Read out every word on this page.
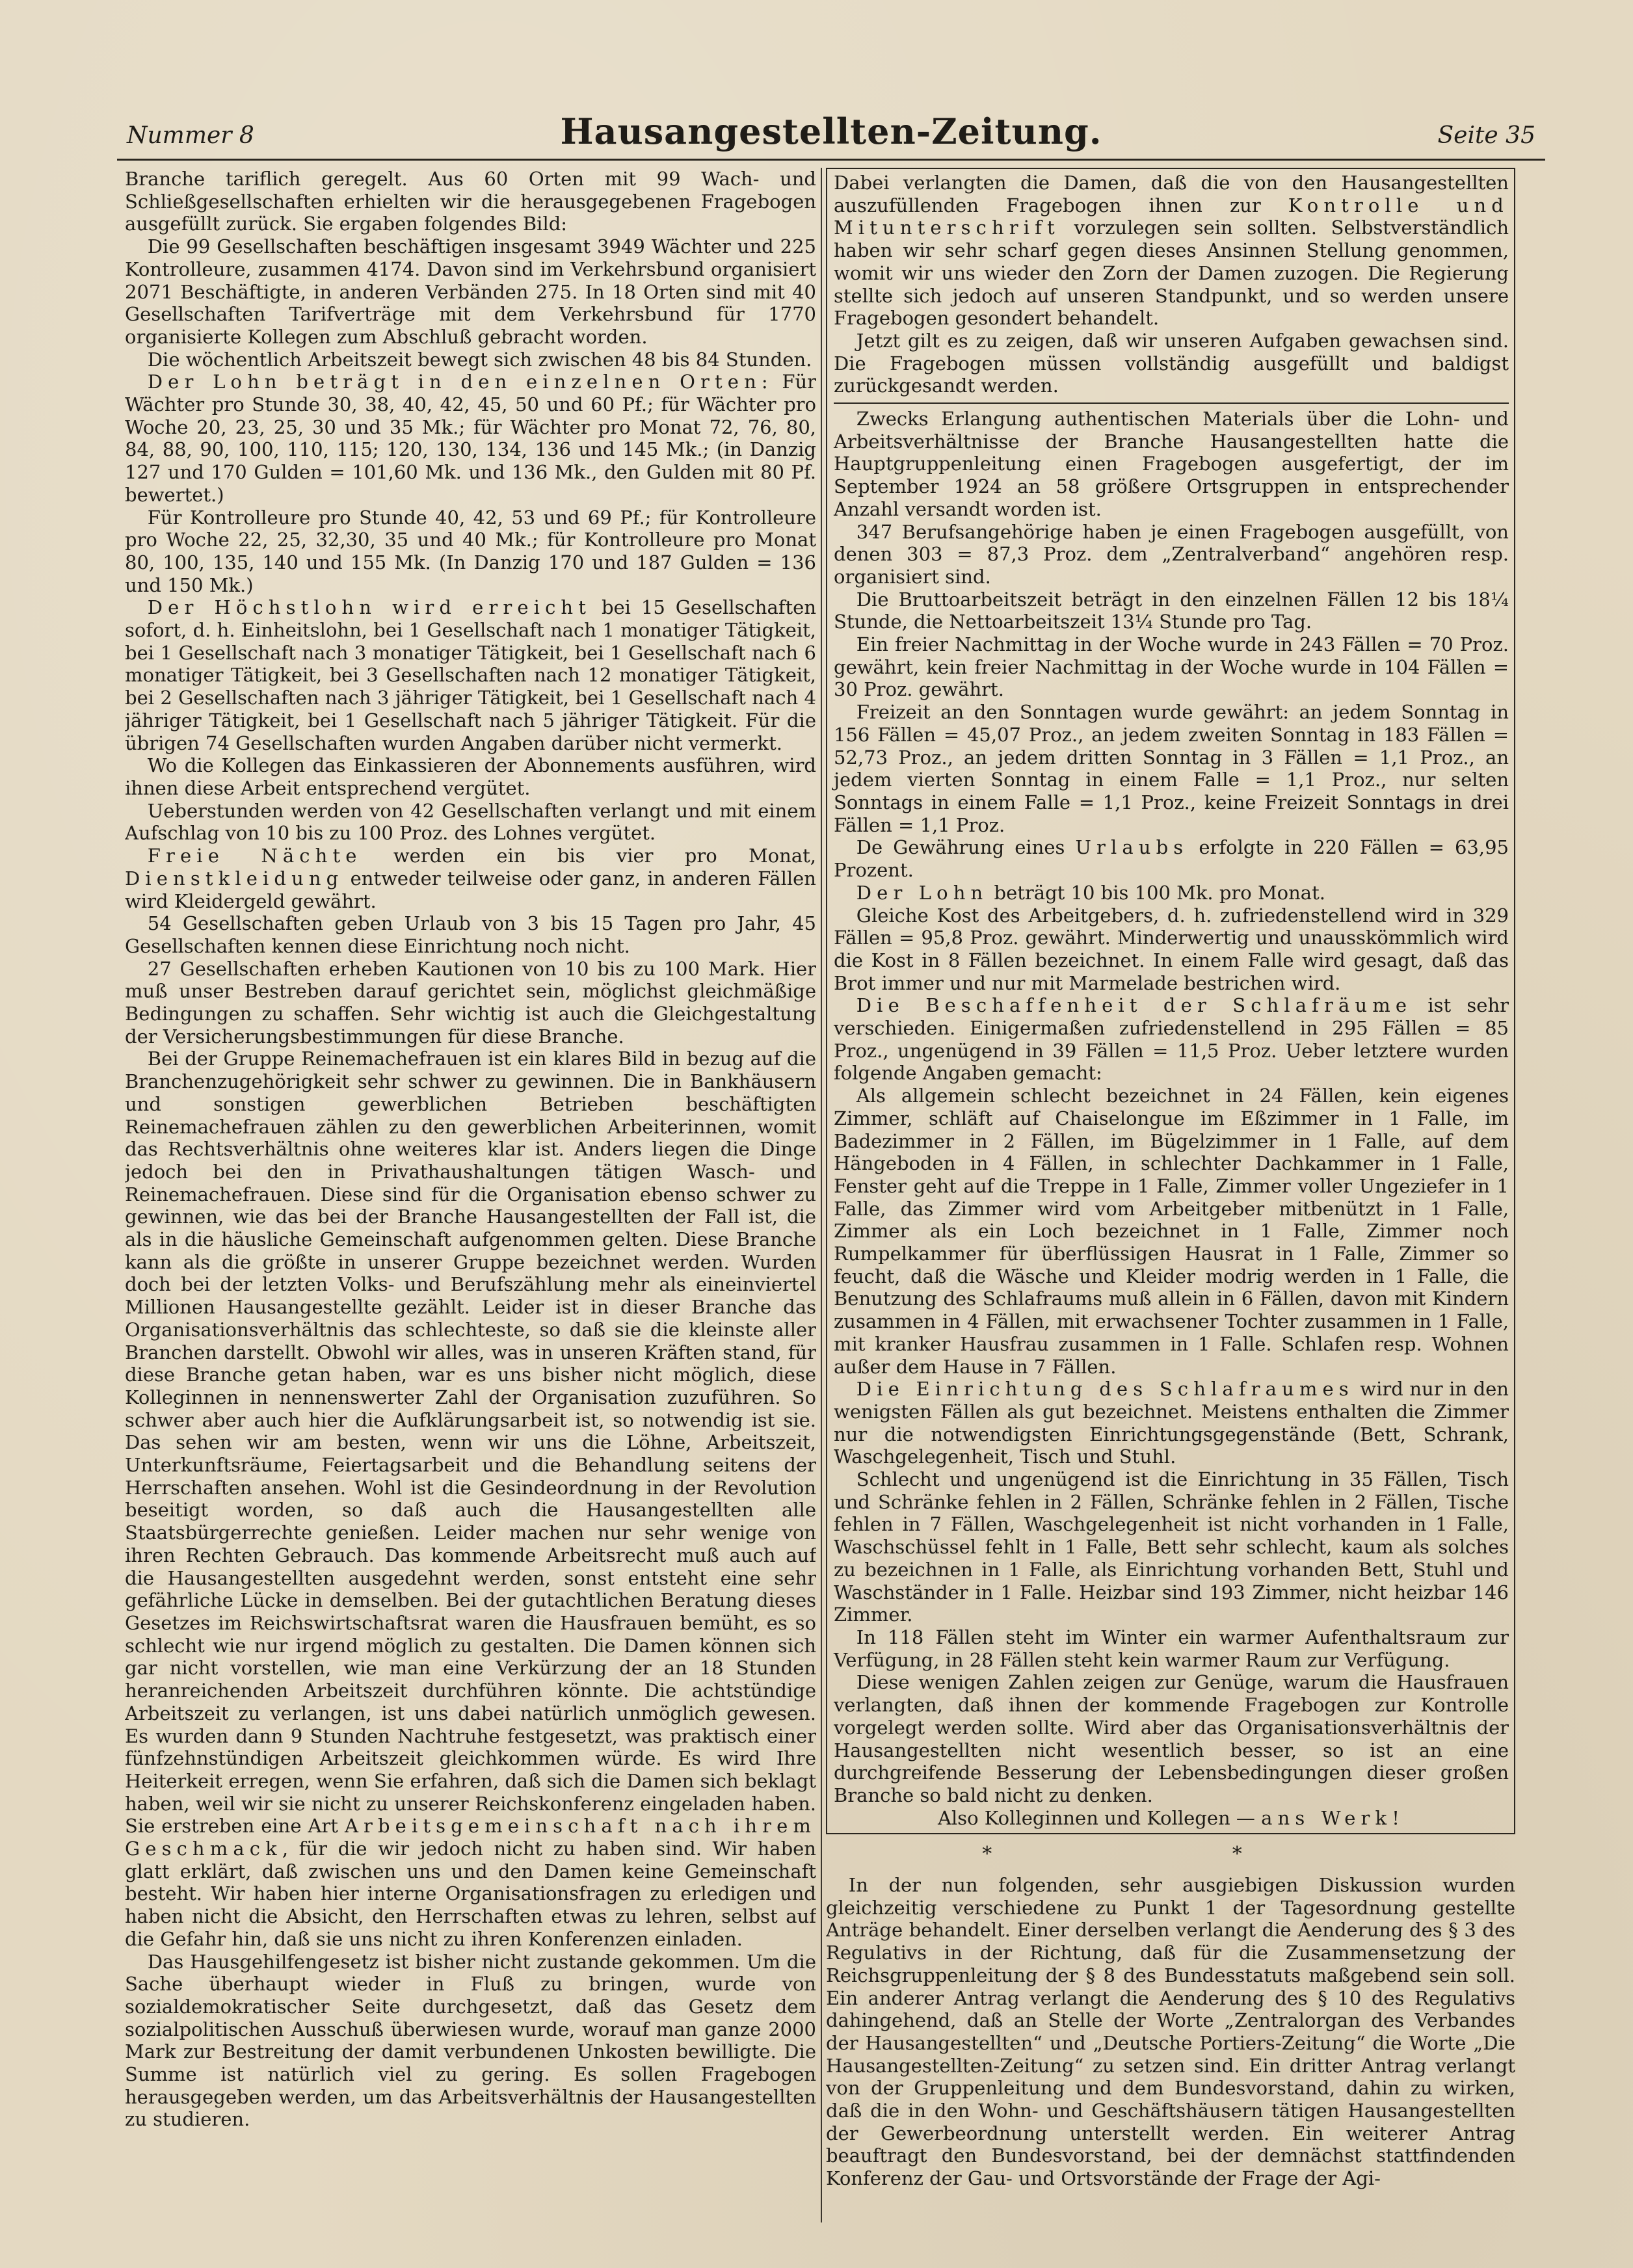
Nummer 8	Hausangestellten-Zeitung.	Seite 35

Branche tariflich geregelt. Aus 60 Orten mit 99 Wach- und Schließgesellschaften erhielten wir die herausgegebenen Fragebogen ausgefüllt zurück. Sie ergaben folgendes Bild:

Die 99 Gesellschaften beschäftigen insgesamt 3949 Wächter und 225 Kontrolleure, zusammen 4174. Davon sind im Verkehrsbund organisiert 2071 Beschäftigte, in anderen Verbänden 275. In 18 Orten sind mit 40 Gesellschaften Tarifverträge mit dem Verkehrsbund für 1770 organisierte Kollegen zum Abschluß gebracht worden.

Die wöchentlich Arbeitszeit bewegt sich zwischen 48 bis 84 Stunden.

Der Lohn beträgt in den einzelnen Orten: Für Wächter pro Stunde 30, 38, 40, 42, 45, 50 und 60 Pf.; für Wächter pro Woche 20, 23, 25, 30 und 35 Mk.; für Wächter pro Monat 72, 76, 80, 84, 88, 90, 100, 110, 115; 120, 130, 134, 136 und 145 Mk.; (in Danzig 127 und 170 Gulden = 101,60 Mk. und 136 Mk., den Gulden mit 80 Pf. bewertet.)

Für Kontrolleure pro Stunde 40, 42, 53 und 69 Pf.; für Kontrolleure pro Woche 22, 25, 32,30, 35 und 40 Mk.; für Kontrolleure pro Monat 80, 100, 135, 140 und 155 Mk. (In Danzig 170 und 187 Gulden = 136 und 150 Mk.)

Der Höchstlohn wird erreicht bei 15 Gesellschaften sofort, d. h. Einheitslohn, bei 1 Gesellschaft nach 1 monatiger Tätigkeit, bei 1 Gesellschaft nach 3 monatiger Tätigkeit, bei 1 Gesellschaft nach 6 monatiger Tätigkeit, bei 3 Gesellschaften nach 12 monatiger Tätigkeit, bei 2 Gesellschaften nach 3 jähriger Tätigkeit, bei 1 Gesellschaft nach 4 jähriger Tätigkeit, bei 1 Gesellschaft nach 5 jähriger Tätigkeit. Für die übrigen 74 Gesellschaften wurden Angaben darüber nicht vermerkt.

Wo die Kollegen das Einkassieren der Abonnements ausführen, wird ihnen diese Arbeit entsprechend vergütet.

Ueberstunden werden von 42 Gesellschaften verlangt und mit einem Aufschlag von 10 bis zu 100 Proz. des Lohnes vergütet.

Freie Nächte werden ein bis vier pro Monat, Dienstkleidung entweder teilweise oder ganz, in anderen Fällen wird Kleidergeld gewährt.

54 Gesellschaften geben Urlaub von 3 bis 15 Tagen pro Jahr, 45 Gesellschaften kennen diese Einrichtung noch nicht.

27 Gesellschaften erheben Kautionen von 10 bis zu 100 Mark. Hier muß unser Bestreben darauf gerichtet sein, möglichst gleichmäßige Bedingungen zu schaffen. Sehr wichtig ist auch die Gleichgestaltung der Versicherungsbestimmungen für diese Branche.

Bei der Gruppe Reinemachefrauen ist ein klares Bild in bezug auf die Branchenzugehörigkeit sehr schwer zu gewinnen. Die in Bankhäusern und sonstigen gewerblichen Betrieben beschäftigten Reinemachefrauen zählen zu den gewerblichen Arbeiterinnen, womit das Rechtsverhältnis ohne weiteres klar ist. Anders liegen die Dinge jedoch bei den in Privathaushaltungen tätigen Wasch- und Reinemachefrauen. Diese sind für die Organisation ebenso schwer zu gewinnen, wie das bei der Branche Hausangestellten der Fall ist, die als in die häusliche Gemeinschaft aufgenommen gelten. Diese Branche kann als die größte in unserer Gruppe bezeichnet werden. Wurden doch bei der letzten Volks- und Berufszählung mehr als eineinviertel Millionen Hausangestellte gezählt. Leider ist in dieser Branche das Organisationsverhältnis das schlechteste, so daß sie die kleinste aller Branchen darstellt. Obwohl wir alles, was in unseren Kräften stand, für diese Branche getan haben, war es uns bisher nicht möglich, diese Kolleginnen in nennenswerter Zahl der Organisation zuzuführen. So schwer aber auch hier die Aufklärungsarbeit ist, so notwendig ist sie. Das sehen wir am besten, wenn wir uns die Löhne, Arbeitszeit, Unterkunftsräume, Feiertagsarbeit und die Behandlung seitens der Herrschaften ansehen. Wohl ist die Gesindeordnung in der Revolution beseitigt worden, so daß auch die Hausangestellten alle Staatsbürgerrechte genießen. Leider machen nur sehr wenige von ihren Rechten Gebrauch. Das kommende Arbeitsrecht muß auch auf die Hausangestellten ausgedehnt werden, sonst entsteht eine sehr gefährliche Lücke in demselben. Bei der gutachtlichen Beratung dieses Gesetzes im Reichswirtschaftsrat waren die Hausfrauen bemüht, es so schlecht wie nur irgend möglich zu gestalten. Die Damen können sich gar nicht vorstellen, wie man eine Verkürzung der an 18 Stunden heranreichenden Arbeitszeit durchführen könnte. Die achtstündige Arbeitszeit zu verlangen, ist uns dabei natürlich unmöglich gewesen. Es wurden dann 9 Stunden Nachtruhe festgesetzt, was praktisch einer fünfzehnstündigen Arbeitszeit gleichkommen würde. Es wird Ihre Heiterkeit erregen, wenn Sie erfahren, daß sich die Damen sich beklagt haben, weil wir sie nicht zu unserer Reichskonferenz eingeladen haben. Sie erstreben eine Art Arbeitsgemeinschaft nach ihrem Geschmack, für die wir jedoch nicht zu haben sind. Wir haben glatt erklärt, daß zwischen uns und den Damen keine Gemeinschaft besteht. Wir haben hier interne Organisationsfragen zu erledigen und haben nicht die Absicht, den Herrschaften etwas zu lehren, selbst auf die Gefahr hin, daß sie uns nicht zu ihren Konferenzen einladen.

Das Hausgehilfengesetz ist bisher nicht zustande gekommen. Um die Sache überhaupt wieder in Fluß zu bringen, wurde von sozialdemokratischer Seite durchgesetzt, daß das Gesetz dem sozialpolitischen Ausschuß überwiesen wurde, worauf man ganze 2000 Mark zur Bestreitung der damit verbundenen Unkosten bewilligte. Die Summe ist natürlich viel zu gering. Es sollen Fragebogen herausgegeben werden, um das Arbeitsverhältnis der Hausangestellten zu studieren.

Dabei verlangten die Damen, daß die von den Hausangestellten auszufüllenden Fragebogen ihnen zur Kontrolle und Mitunterschrift vorzulegen sein sollten. Selbstverständlich haben wir sehr scharf gegen dieses Ansinnen Stellung genommen, womit wir uns wieder den Zorn der Damen zuzogen. Die Regierung stellte sich jedoch auf unseren Standpunkt, und so werden unsere Fragebogen gesondert behandelt.

Jetzt gilt es zu zeigen, daß wir unseren Aufgaben gewachsen sind. Die Fragebogen müssen vollständig ausgefüllt und baldigst zurückgesandt werden.

Zwecks Erlangung authentischen Materials über die Lohn- und Arbeitsverhältnisse der Branche Hausangestellten hatte die Hauptgruppenleitung einen Fragebogen ausgefertigt, der im September 1924 an 58 größere Ortsgruppen in entsprechender Anzahl versandt worden ist.

347 Berufsangehörige haben je einen Fragebogen ausgefüllt, von denen 303 = 87,3 Proz. dem „Zentralverband“ angehören resp. organisiert sind.

Die Bruttoarbeitszeit beträgt in den einzelnen Fällen 12 bis 18¼ Stunde, die Nettoarbeitszeit 13¼ Stunde pro Tag.

Ein freier Nachmittag in der Woche wurde in 243 Fällen = 70 Proz. gewährt, kein freier Nachmittag in der Woche wurde in 104 Fällen = 30 Proz. gewährt.

Freizeit an den Sonntagen wurde gewährt: an jedem Sonntag in 156 Fällen = 45,07 Proz., an jedem zweiten Sonntag in 183 Fällen = 52,73 Proz., an jedem dritten Sonntag in 3 Fällen = 1,1 Proz., an jedem vierten Sonntag in einem Falle = 1,1 Proz., nur selten Sonntags in einem Falle = 1,1 Proz., keine Freizeit Sonntags in drei Fällen = 1,1 Proz.

De Gewährung eines Urlaubs erfolgte in 220 Fällen = 63,95 Prozent.

Der Lohn beträgt 10 bis 100 Mk. pro Monat.

Gleiche Kost des Arbeitgebers, d. h. zufriedenstellend wird in 329 Fällen = 95,8 Proz. gewährt. Minderwertig und unausskömmlich wird die Kost in 8 Fällen bezeichnet. In einem Falle wird gesagt, daß das Brot immer und nur mit Marmelade bestrichen wird.

Die Beschaffenheit der Schlafräume ist sehr verschieden. Einigermaßen zufriedenstellend in 295 Fällen = 85 Proz., ungenügend in 39 Fällen = 11,5 Proz. Ueber letztere wurden folgende Angaben gemacht:

Als allgemein schlecht bezeichnet in 24 Fällen, kein eigenes Zimmer, schläft auf Chaiselongue im Eßzimmer in 1 Falle, im Badezimmer in 2 Fällen, im Bügelzimmer in 1 Falle, auf dem Hängeboden in 4 Fällen, in schlechter Dachkammer in 1 Falle, Fenster geht auf die Treppe in 1 Falle, Zimmer voller Ungeziefer in 1 Falle, das Zimmer wird vom Arbeitgeber mitbenützt in 1 Falle, Zimmer als ein Loch bezeichnet in 1 Falle, Zimmer noch Rumpelkammer für überflüssigen Hausrat in 1 Falle, Zimmer so feucht, daß die Wäsche und Kleider modrig werden in 1 Falle, die Benutzung des Schlafraums muß allein in 6 Fällen, davon mit Kindern zusammen in 4 Fällen, mit erwachsener Tochter zusammen in 1 Falle, mit kranker Hausfrau zusammen in 1 Falle. Schlafen resp. Wohnen außer dem Hause in 7 Fällen.

Die Einrichtung des Schlafraumes wird nur in den wenigsten Fällen als gut bezeichnet. Meistens enthalten die Zimmer nur die notwendigsten Einrichtungsgegenstände (Bett, Schrank, Waschgelegenheit, Tisch und Stuhl.

Schlecht und ungenügend ist die Einrichtung in 35 Fällen, Tisch und Schränke fehlen in 2 Fällen, Schränke fehlen in 2 Fällen, Tische fehlen in 7 Fällen, Waschgelegenheit ist nicht vorhanden in 1 Falle, Waschschüssel fehlt in 1 Falle, Bett sehr schlecht, kaum als solches zu bezeichnen in 1 Falle, als Einrichtung vorhanden Bett, Stuhl und Waschständer in 1 Falle. Heizbar sind 193 Zimmer, nicht heizbar 146 Zimmer.

In 118 Fällen steht im Winter ein warmer Aufenthaltsraum zur Verfügung, in 28 Fällen steht kein warmer Raum zur Verfügung.

Diese wenigen Zahlen zeigen zur Genüge, warum die Hausfrauen verlangten, daß ihnen der kommende Fragebogen zur Kontrolle vorgelegt werden sollte. Wird aber das Organisationsverhältnis der Hausangestellten nicht wesentlich besser, so ist an eine durchgreifende Besserung der Lebensbedingungen dieser großen Branche so bald nicht zu denken.

Also Kolleginnen und Kollegen — ans Werk!

* *

In der nun folgenden, sehr ausgiebigen Diskussion wurden gleichzeitig verschiedene zu Punkt 1 der Tagesordnung gestellte Anträge behandelt. Einer derselben verlangt die Aenderung des § 3 des Regulativs in der Richtung, daß für die Zusammensetzung der Reichsgruppenleitung der § 8 des Bundesstatuts maßgebend sein soll. Ein anderer Antrag verlangt die Aenderung des § 10 des Regulativs dahingehend, daß an Stelle der Worte „Zentralorgan des Verbandes der Hausangestellten“ und „Deutsche Portiers-Zeitung“ die Worte „Die Hausangestellten-Zeitung“ zu setzen sind. Ein dritter Antrag verlangt von der Gruppenleitung und dem Bundesvorstand, dahin zu wirken, daß die in den Wohn- und Geschäftshäusern tätigen Hausangestellten der Gewerbeordnung unterstellt werden. Ein weiterer Antrag beauftragt den Bundesvorstand, bei der demnächst stattfindenden Konferenz der Gau- und Ortsvorstände der Frage der Agi-
